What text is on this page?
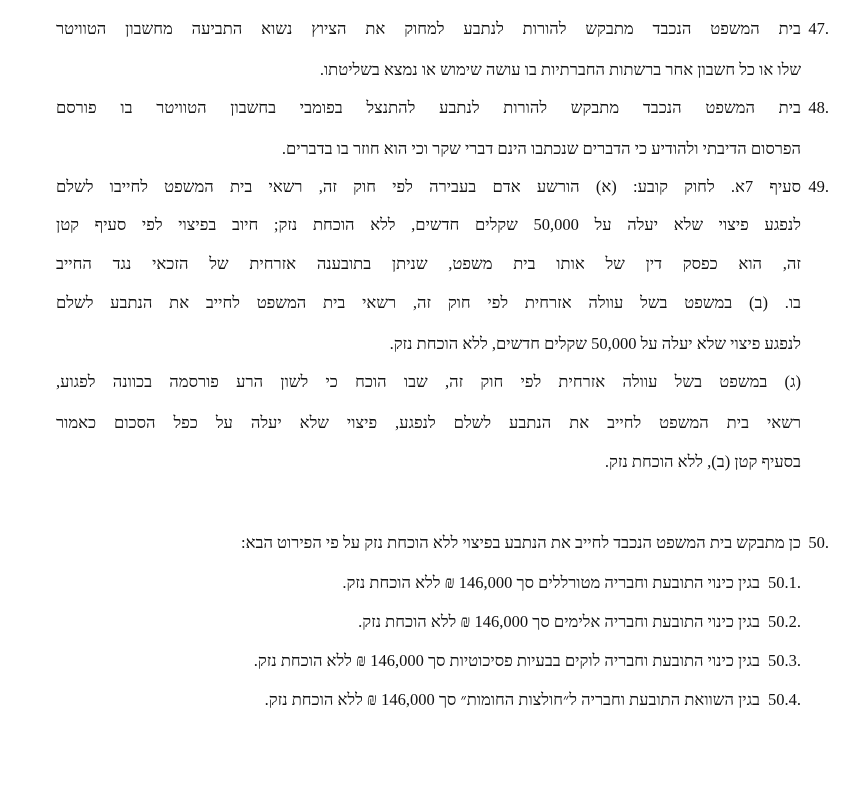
47.
בית המשפט הנכבד מתבקש להורות לנתבע למחוק את הציוץ נשוא התביעה מחשבון הטוויטר
שלו או כל חשבון אחר ברשתות החברתיות בו עושה שימוש או נמצא בשליטתו.
48.
בית המשפט הנכבד מתבקש להורות לנתבע להתנצל בפומבי בחשבון הטוויטר בו פורסם
הפרסום הדיבתי ולהודיע כי הדברים שנכתבו הינם דברי שקר וכי הוא חוזר בו בדברים.
49.
סעיף 7א. לחוק קובע: (א) הורשע אדם בעבירה לפי חוק זה, רשאי בית המשפט לחייבו לשלם
לנפגע פיצוי שלא יעלה על 50,000 שקלים חדשים, ללא הוכחת נזק; חיוב בפיצוי לפי סעיף קטן
זה, הוא כפסק דין של אותו בית משפט, שניתן בתובענה אזרחית של הזכאי נגד החייב
בו. (ב) במשפט בשל עוולה אזרחית לפי חוק זה, רשאי בית המשפט לחייב את הנתבע לשלם
לנפגע פיצוי שלא יעלה על 50,000 שקלים חדשים, ללא הוכחת נזק.
(ג) במשפט בשל עוולה אזרחית לפי חוק זה, שבו הוכח כי לשון הרע פורסמה בכוונה לפגוע,
רשאי בית המשפט לחייב את הנתבע לשלם לנפגע, פיצוי שלא יעלה על כפל הסכום כאמור
בסעיף קטן (ב), ללא הוכחת נזק.
50.
כן מתבקש בית המשפט הנכבד לחייב את הנתבע בפיצוי ללא הוכחת נזק על פי הפירוט הבא:
50.1.
בגין כינוי התובעת וחבריה מטורללים סך 146,000 ₪ ללא הוכחת נזק.
50.2.
בגין כינוי התובעת וחבריה אלימים סך 146,000 ₪ ללא הוכחת נזק.
50.3.
בגין כינוי התובעת וחבריה לוקים בבעיות פסיכוטיות סך 146,000 ₪ ללא הוכחת נזק.
50.4.
בגין השוואת התובעת וחבריה ל״חולצות החומות״ סך 146,000 ₪ ללא הוכחת נזק.
